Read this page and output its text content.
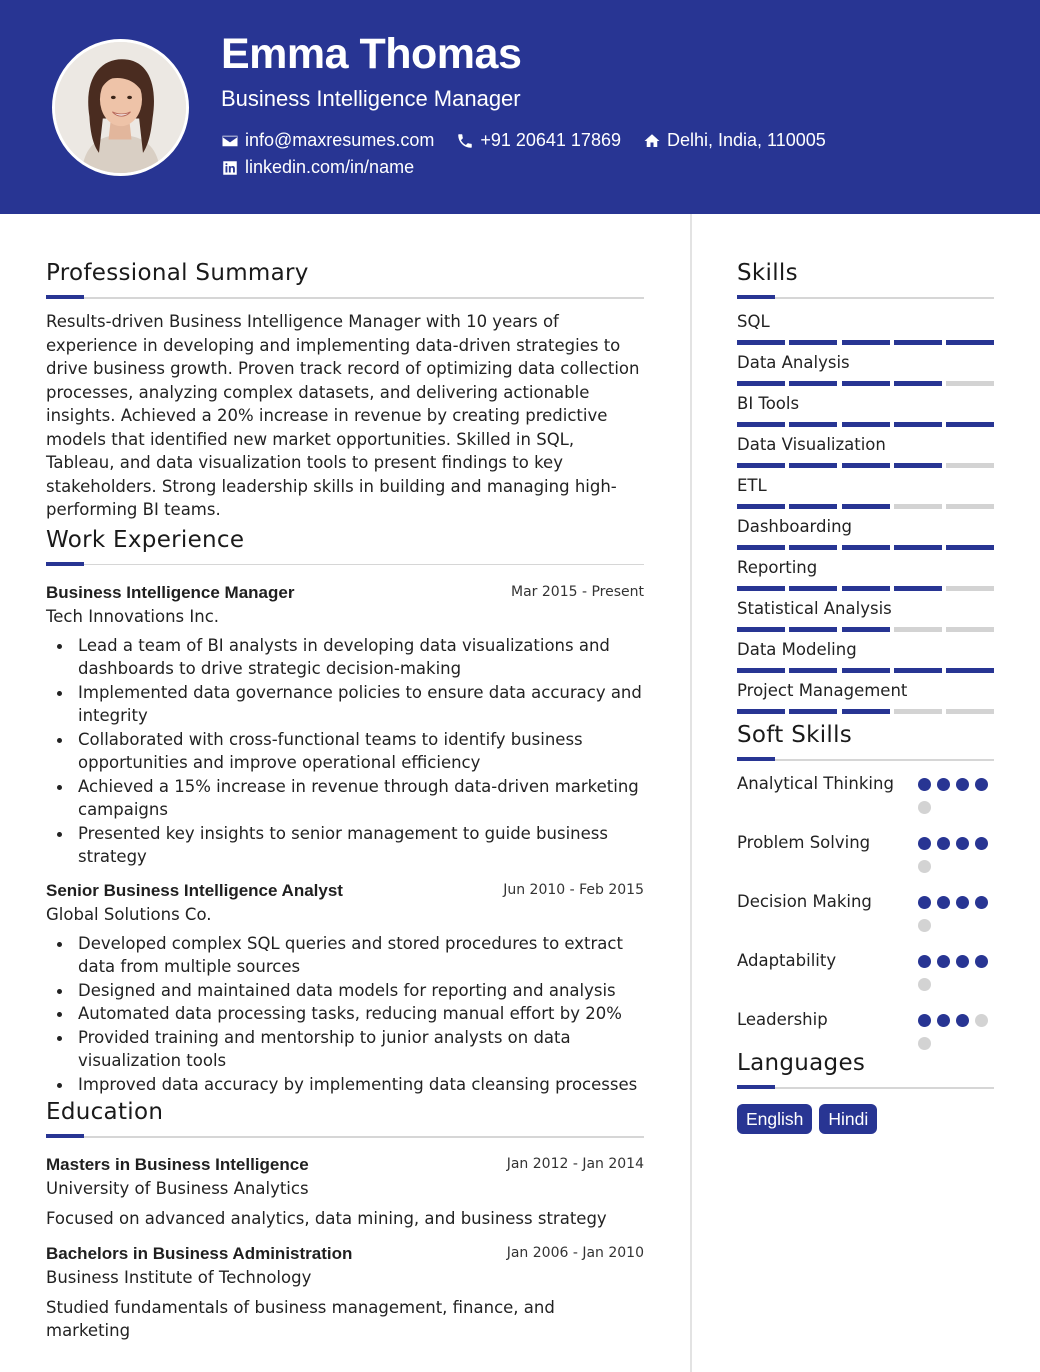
Emma Thomas
Business Intelligence Manager
info@maxresumes.com	+91 20641 17869	Delhi, India, 110005
linkedin.com/in/name
Professional Summary
Results-driven Business Intelligence Manager with 10 years of experience in developing and implementing data-driven strategies to drive business growth. Proven track record of optimizing data collection processes, analyzing complex datasets, and delivering actionable insights. Achieved a 20% increase in revenue by creating predictive models that identified new market opportunities. Skilled in SQL, Tableau, and data visualization tools to present findings to key stakeholders. Strong leadership skills in building and managing high-performing BI teams.
Work Experience
Business Intelligence Manager	Mar 2015 - Present
Tech Innovations Inc.
Lead a team of BI analysts in developing data visualizations and dashboards to drive strategic decision-making
Implemented data governance policies to ensure data accuracy and integrity
Collaborated with cross-functional teams to identify business opportunities and improve operational efficiency
Achieved a 15% increase in revenue through data-driven marketing campaigns
Presented key insights to senior management to guide business strategy
Senior Business Intelligence Analyst	Jun 2010 - Feb 2015
Global Solutions Co.
Developed complex SQL queries and stored procedures to extract data from multiple sources
Designed and maintained data models for reporting and analysis
Automated data processing tasks, reducing manual effort by 20%
Provided training and mentorship to junior analysts on data visualization tools
Improved data accuracy by implementing data cleansing processes
Education
Masters in Business Intelligence	Jan 2012 - Jan 2014
University of Business Analytics
Focused on advanced analytics, data mining, and business strategy
Bachelors in Business Administration	Jan 2006 - Jan 2010
Business Institute of Technology
Studied fundamentals of business management, finance, and marketing
Skills
SQL
Data Analysis
BI Tools
Data Visualization
ETL
Dashboarding
Reporting
Statistical Analysis
Data Modeling
Project Management
Soft Skills
Analytical Thinking
Problem Solving
Decision Making
Adaptability
Leadership
Languages
English	Hindi
